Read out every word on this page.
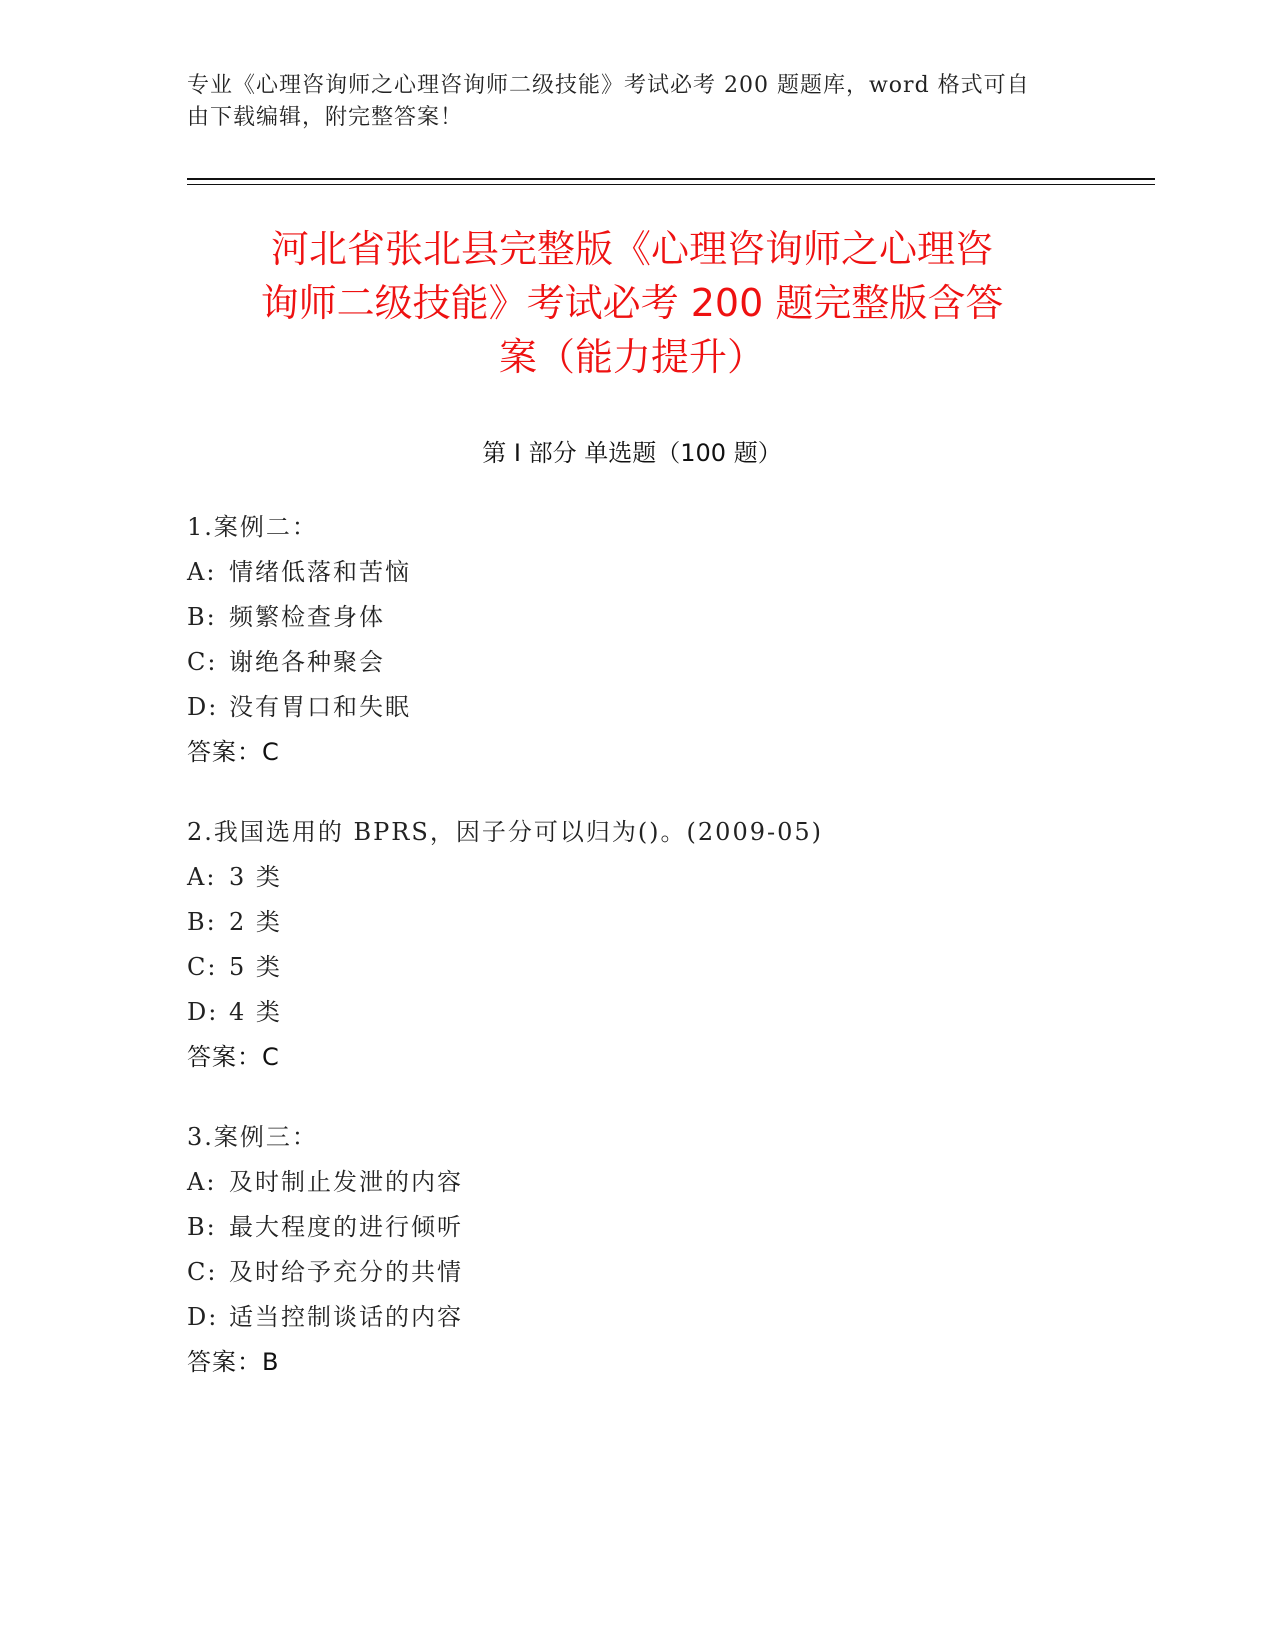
专业《心理咨询师之心理咨询师二级技能》考试必考 200 题题库，word 格式可自
由下载编辑，附完整答案！
河北省张北县完整版《心理咨询师之心理咨
询师二级技能》考试必考 200 题完整版含答
案（能力提升）
第 I 部分 单选题（100 题）
1.案例二：
A: 情绪低落和苦恼
B: 频繁检查身体
C: 谢绝各种聚会
D: 没有胃口和失眠
答案：C
2.我国选用的 BPRS，因子分可以归为()。(2009-05)
A: 3 类
B: 2 类
C: 5 类
D: 4 类
答案：C
3.案例三：
A: 及时制止发泄的内容
B: 最大程度的进行倾听
C: 及时给予充分的共情
D: 适当控制谈话的内容
答案：B
